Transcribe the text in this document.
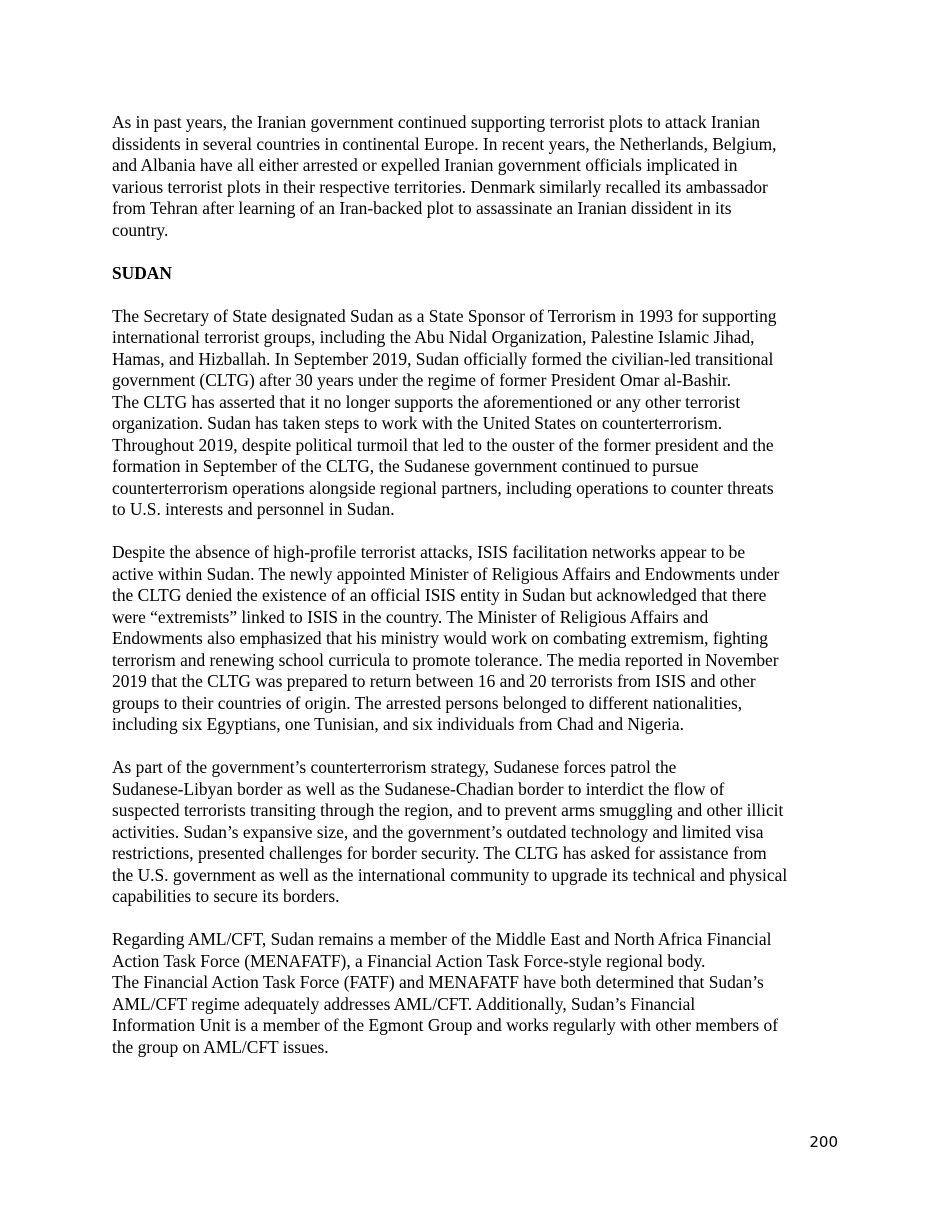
As in past years, the Iranian government continued supporting terrorist plots to attack Iranian
dissidents in several countries in continental Europe. In recent years, the Netherlands, Belgium,
and Albania have all either arrested or expelled Iranian government officials implicated in
various terrorist plots in their respective territories. Denmark similarly recalled its ambassador
from Tehran after learning of an Iran-backed plot to assassinate an Iranian dissident in its
country.

SUDAN

The Secretary of State designated Sudan as a State Sponsor of Terrorism in 1993 for supporting
international terrorist groups, including the Abu Nidal Organization, Palestine Islamic Jihad,
Hamas, and Hizballah. In September 2019, Sudan officially formed the civilian-led transitional
government (CLTG) after 30 years under the regime of former President Omar al-Bashir.
The CLTG has asserted that it no longer supports the aforementioned or any other terrorist
organization. Sudan has taken steps to work with the United States on counterterrorism.
Throughout 2019, despite political turmoil that led to the ouster of the former president and the
formation in September of the CLTG, the Sudanese government continued to pursue
counterterrorism operations alongside regional partners, including operations to counter threats
to U.S. interests and personnel in Sudan.

Despite the absence of high-profile terrorist attacks, ISIS facilitation networks appear to be
active within Sudan. The newly appointed Minister of Religious Affairs and Endowments under
the CLTG denied the existence of an official ISIS entity in Sudan but acknowledged that there
were “extremists” linked to ISIS in the country. The Minister of Religious Affairs and
Endowments also emphasized that his ministry would work on combating extremism, fighting
terrorism and renewing school curricula to promote tolerance. The media reported in November
2019 that the CLTG was prepared to return between 16 and 20 terrorists from ISIS and other
groups to their countries of origin. The arrested persons belonged to different nationalities,
including six Egyptians, one Tunisian, and six individuals from Chad and Nigeria.

As part of the government’s counterterrorism strategy, Sudanese forces patrol the
Sudanese-Libyan border as well as the Sudanese-Chadian border to interdict the flow of
suspected terrorists transiting through the region, and to prevent arms smuggling and other illicit
activities. Sudan’s expansive size, and the government’s outdated technology and limited visa
restrictions, presented challenges for border security. The CLTG has asked for assistance from
the U.S. government as well as the international community to upgrade its technical and physical
capabilities to secure its borders.

Regarding AML/CFT, Sudan remains a member of the Middle East and North Africa Financial
Action Task Force (MENAFATF), a Financial Action Task Force-style regional body.
The Financial Action Task Force (FATF) and MENAFATF have both determined that Sudan’s
AML/CFT regime adequately addresses AML/CFT. Additionally, Sudan’s Financial
Information Unit is a member of the Egmont Group and works regularly with other members of
the group on AML/CFT issues.

200
